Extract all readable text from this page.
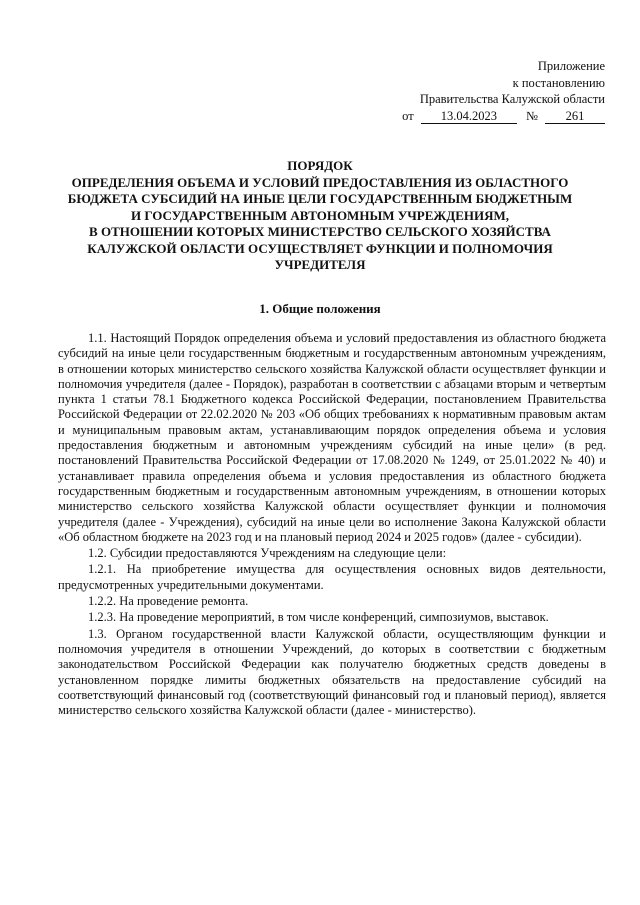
Приложение
к постановлению
Правительства Калужской области
от 13.04.2023 № 261
ПОРЯДОК
ОПРЕДЕЛЕНИЯ ОБЪЕМА И УСЛОВИЙ ПРЕДОСТАВЛЕНИЯ ИЗ ОБЛАСТНОГО
БЮДЖЕТА СУБСИДИЙ НА ИНЫЕ ЦЕЛИ ГОСУДАРСТВЕННЫМ БЮДЖЕТНЫМ
И ГОСУДАРСТВЕННЫМ АВТОНОМНЫМ УЧРЕЖДЕНИЯМ,
В ОТНОШЕНИИ КОТОРЫХ МИНИСТЕРСТВО СЕЛЬСКОГО ХОЗЯЙСТВА
КАЛУЖСКОЙ ОБЛАСТИ ОСУЩЕСТВЛЯЕТ ФУНКЦИИ И ПОЛНОМОЧИЯ
УЧРЕДИТЕЛЯ
1. Общие положения

1.1. Настоящий Порядок определения объема и условий предоставления из областного бюджета субсидий на иные цели государственным бюджетным и государственным автономным учреждениям, в отношении которых министерство сельского хозяйства Калужской области осуществляет функции и полномочия учредителя (далее - Порядок), разработан в соответствии с абзацами вторым и четвертым пункта 1 статьи 78.1 Бюджетного кодекса Российской Федерации, постановлением Правительства Российской Федерации от 22.02.2020 № 203 «Об общих требованиях к нормативным правовым актам и муниципальным правовым актам, устанавливающим порядок определения объема и условия предоставления бюджетным и автономным учреждениям субсидий на иные цели» (в ред. постановлений Правительства Российской Федерации от 17.08.2020 № 1249, от 25.01.2022 № 40) и устанавливает правила определения объема и условия предоставления из областного бюджета государственным бюджетным и государственным автономным учреждениям, в отношении которых министерство сельского хозяйства Калужской области осуществляет функции и полномочия учредителя (далее - Учреждения), субсидий на иные цели во исполнение Закона Калужской области «Об областном бюджете на 2023 год и на плановый период 2024 и 2025 годов» (далее - субсидии).

1.2. Субсидии предоставляются Учреждениям на следующие цели:

1.2.1. На приобретение имущества для осуществления основных видов деятельности, предусмотренных учредительными документами.

1.2.2. На проведение ремонта.

1.2.3. На проведение мероприятий, в том числе конференций, симпозиумов, выставок.

1.3. Органом государственной власти Калужской области, осуществляющим функции и полномочия учредителя в отношении Учреждений, до которых в соответствии с бюджетным законодательством Российской Федерации как получателю бюджетных средств доведены в установленном порядке лимиты бюджетных обязательств на предоставление субсидий на соответствующий финансовый год (соответствующий финансовый год и плановый период), является министерство сельского хозяйства Калужской области (далее - министерство).
